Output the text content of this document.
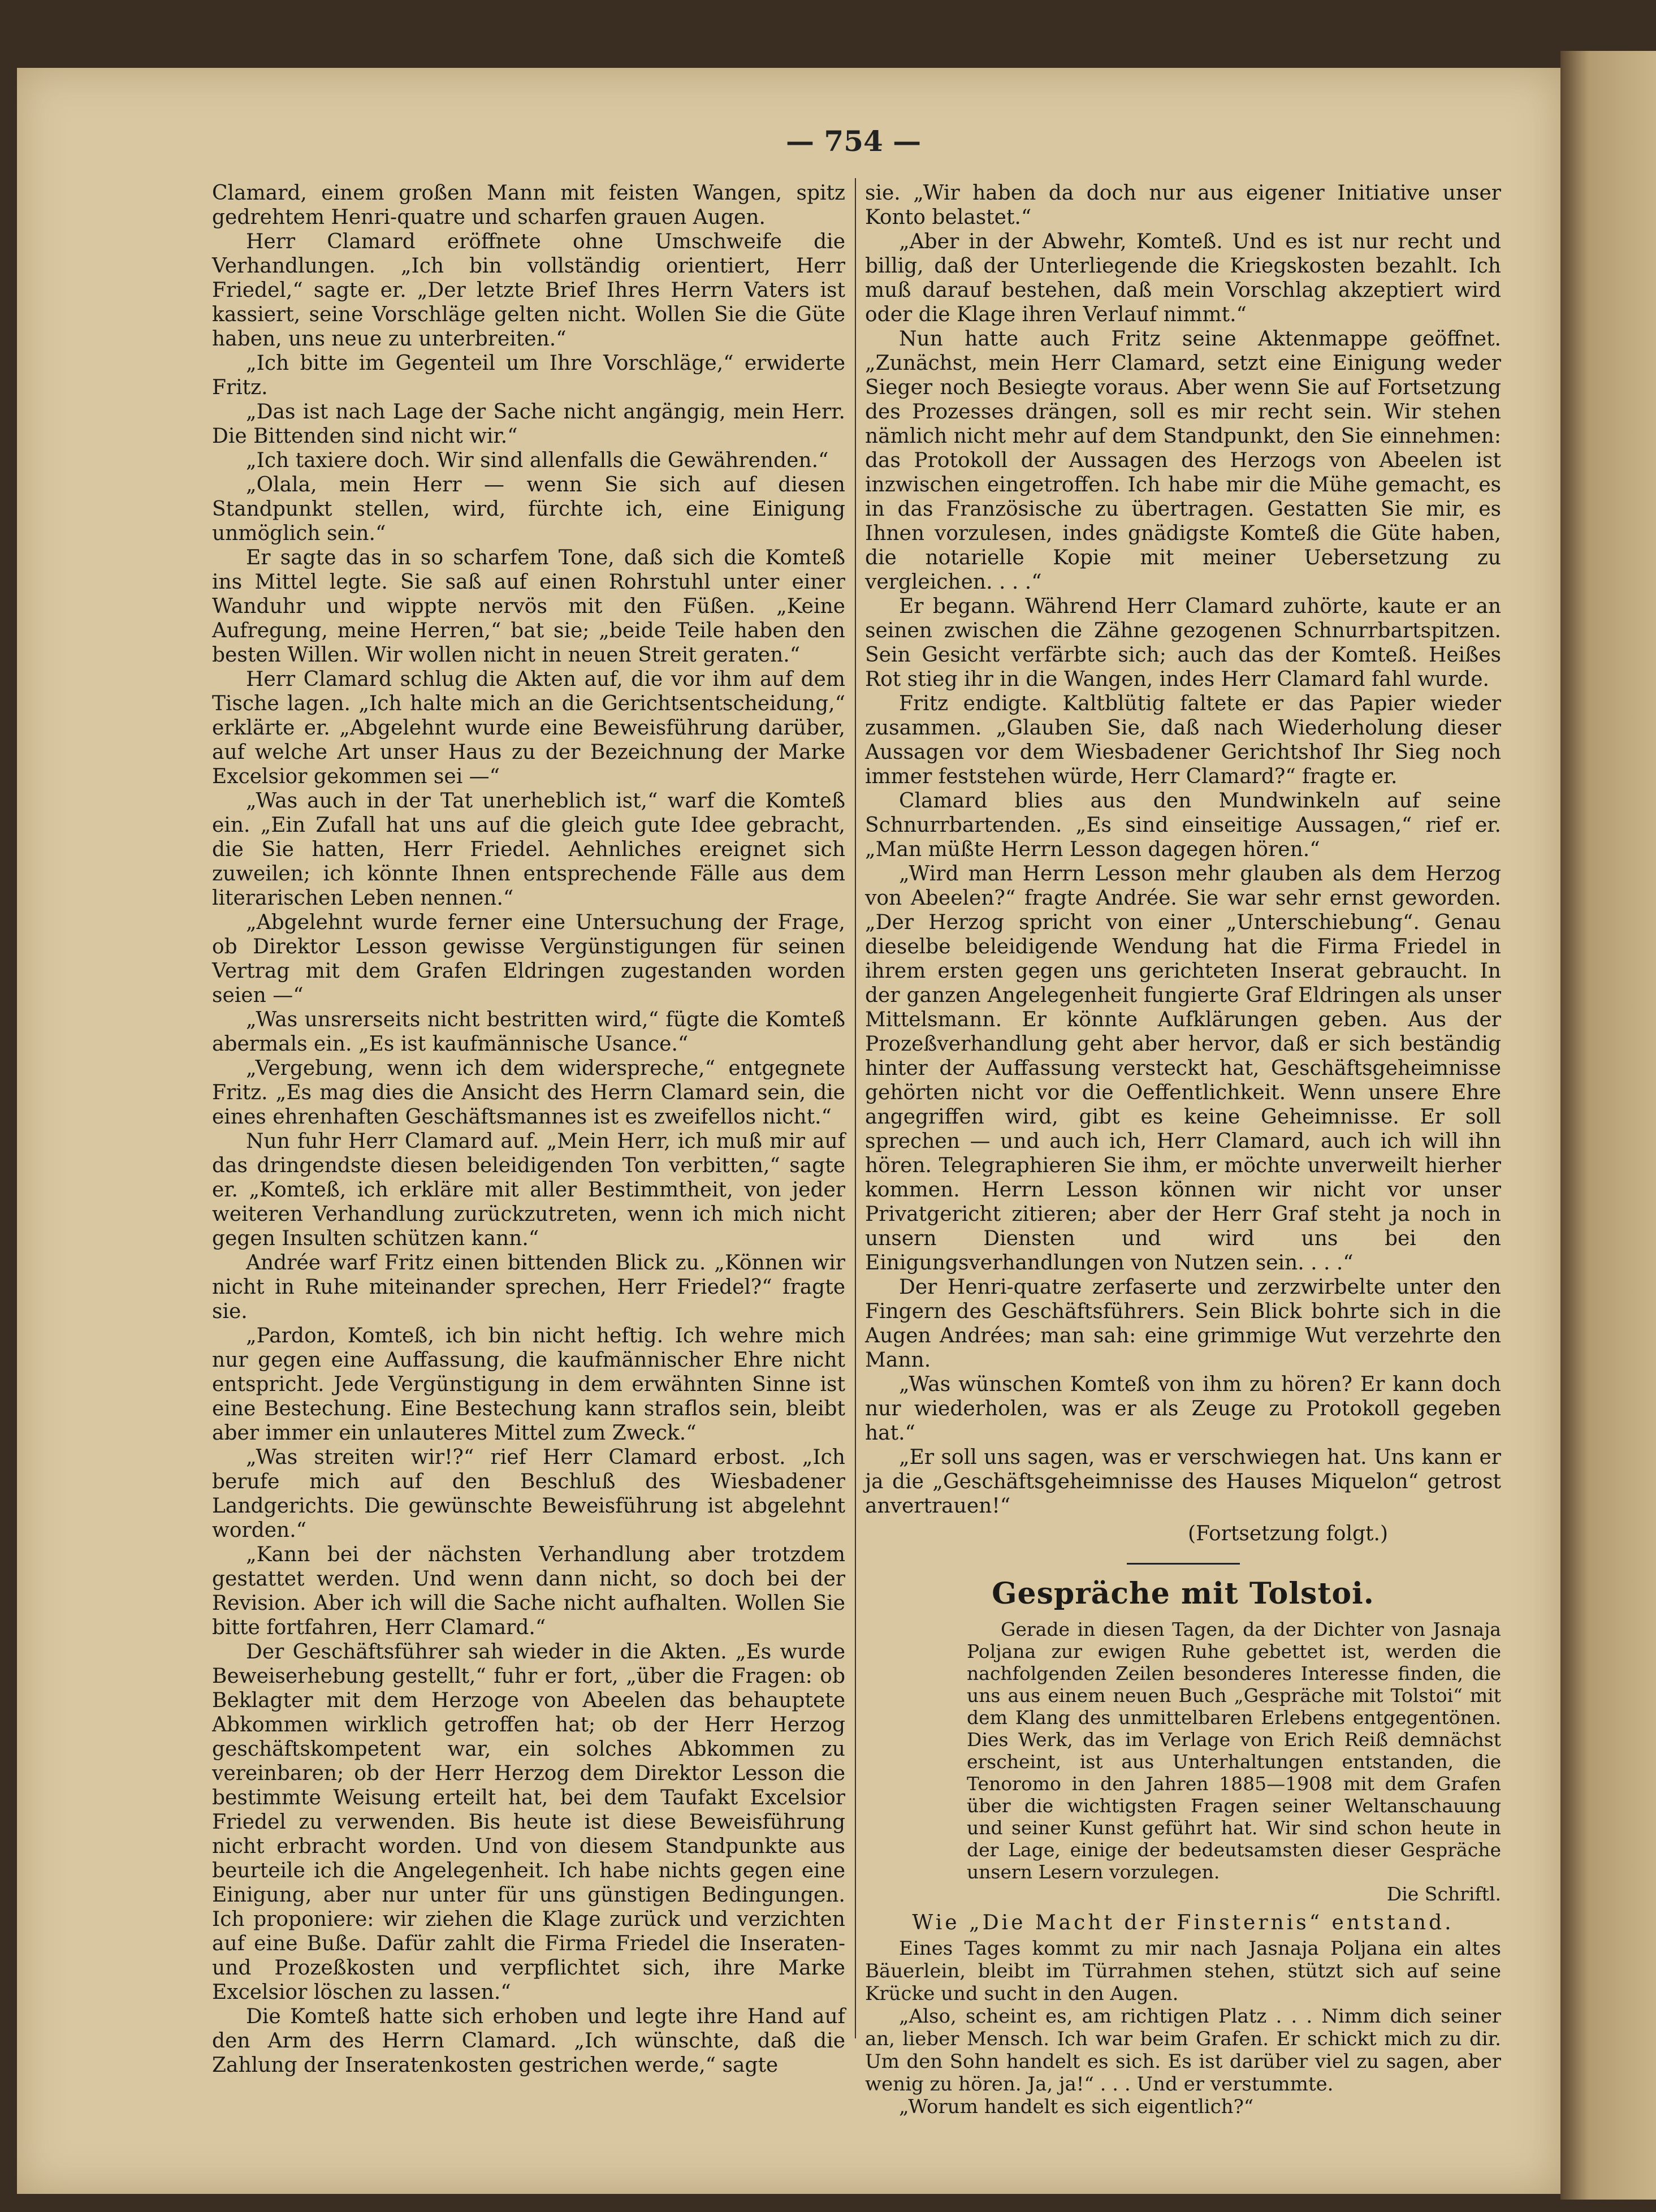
— 754 —

Clamard, einem großen Mann mit feisten Wangen, spitz gedrehtem Henri-quatre und scharfen grauen Augen.

Herr Clamard eröffnete ohne Umschweife die Verhandlungen. „Ich bin vollständig orientiert, Herr Friedel,“ sagte er. „Der letzte Brief Ihres Herrn Vaters ist kassiert, seine Vorschläge gelten nicht. Wollen Sie die Güte haben, uns neue zu unterbreiten.“

„Ich bitte im Gegenteil um Ihre Vorschläge,“ erwiderte Fritz.

„Das ist nach Lage der Sache nicht angängig, mein Herr. Die Bittenden sind nicht wir.“

„Ich taxiere doch. Wir sind allenfalls die Gewährenden.“

„Olala, mein Herr — wenn Sie sich auf diesen Standpunkt stellen, wird, fürchte ich, eine Einigung unmöglich sein.“

Er sagte das in so scharfem Tone, daß sich die Komteß ins Mittel legte. Sie saß auf einen Rohrstuhl unter einer Wanduhr und wippte nervös mit den Füßen. „Keine Aufregung, meine Herren,“ bat sie; „beide Teile haben den besten Willen. Wir wollen nicht in neuen Streit geraten.“

Herr Clamard schlug die Akten auf, die vor ihm auf dem Tische lagen. „Ich halte mich an die Gerichtsentscheidung,“ erklärte er. „Abgelehnt wurde eine Beweisführung darüber, auf welche Art unser Haus zu der Bezeichnung der Marke Excelsior gekommen sei —“

„Was auch in der Tat unerheblich ist,“ warf die Komteß ein. „Ein Zufall hat uns auf die gleich gute Idee gebracht, die Sie hatten, Herr Friedel. Aehnliches ereignet sich zuweilen; ich könnte Ihnen entsprechende Fälle aus dem literarischen Leben nennen.“

„Abgelehnt wurde ferner eine Untersuchung der Frage, ob Direktor Lesson gewisse Vergünstigungen für seinen Vertrag mit dem Grafen Eldringen zugestanden worden seien —“

„Was unsrerseits nicht bestritten wird,“ fügte die Komteß abermals ein. „Es ist kaufmännische Usance.“

„Vergebung, wenn ich dem widerspreche,“ entgegnete Fritz. „Es mag dies die Ansicht des Herrn Clamard sein, die eines ehrenhaften Geschäftsmannes ist es zweifellos nicht.“

Nun fuhr Herr Clamard auf. „Mein Herr, ich muß mir auf das dringendste diesen beleidigenden Ton verbitten,“ sagte er. „Komteß, ich erkläre mit aller Bestimmtheit, von jeder weiteren Verhandlung zurückzutreten, wenn ich mich nicht gegen Insulten schützen kann.“

Andrée warf Fritz einen bittenden Blick zu. „Können wir nicht in Ruhe miteinander sprechen, Herr Friedel?“ fragte sie.

„Pardon, Komteß, ich bin nicht heftig. Ich wehre mich nur gegen eine Auffassung, die kaufmännischer Ehre nicht entspricht. Jede Vergünstigung in dem erwähnten Sinne ist eine Bestechung. Eine Bestechung kann straflos sein, bleibt aber immer ein unlauteres Mittel zum Zweck.“

„Was streiten wir!?“ rief Herr Clamard erbost. „Ich berufe mich auf den Beschluß des Wiesbadener Landgerichts. Die gewünschte Beweisführung ist abgelehnt worden.“

„Kann bei der nächsten Verhandlung aber trotzdem gestattet werden. Und wenn dann nicht, so doch bei der Revision. Aber ich will die Sache nicht aufhalten. Wollen Sie bitte fortfahren, Herr Clamard.“

Der Geschäftsführer sah wieder in die Akten. „Es wurde Beweiserhebung gestellt,“ fuhr er fort, „über die Fragen: ob Beklagter mit dem Herzoge von Abeelen das behauptete Abkommen wirklich getroffen hat; ob der Herr Herzog geschäftskompetent war, ein solches Abkommen zu vereinbaren; ob der Herr Herzog dem Direktor Lesson die bestimmte Weisung erteilt hat, bei dem Taufakt Excelsior Friedel zu verwenden. Bis heute ist diese Beweisführung nicht erbracht worden. Und von diesem Standpunkte aus beurteile ich die Angelegenheit. Ich habe nichts gegen eine Einigung, aber nur unter für uns günstigen Bedingungen. Ich proponiere: wir ziehen die Klage zurück und verzichten auf eine Buße. Dafür zahlt die Firma Friedel die Inseraten- und Prozeßkosten und verpflichtet sich, ihre Marke Excelsior löschen zu lassen.“

Die Komteß hatte sich erhoben und legte ihre Hand auf den Arm des Herrn Clamard. „Ich wünschte, daß die Zahlung der Inseratenkosten gestrichen werde,“ sagte

sie. „Wir haben da doch nur aus eigener Initiative unser Konto belastet.“

„Aber in der Abwehr, Komteß. Und es ist nur recht und billig, daß der Unterliegende die Kriegskosten bezahlt. Ich muß darauf bestehen, daß mein Vorschlag akzeptiert wird oder die Klage ihren Verlauf nimmt.“

Nun hatte auch Fritz seine Aktenmappe geöffnet. „Zunächst, mein Herr Clamard, setzt eine Einigung weder Sieger noch Besiegte voraus. Aber wenn Sie auf Fortsetzung des Prozesses drängen, soll es mir recht sein. Wir stehen nämlich nicht mehr auf dem Standpunkt, den Sie einnehmen: das Protokoll der Aussagen des Herzogs von Abeelen ist inzwischen eingetroffen. Ich habe mir die Mühe gemacht, es in das Französische zu übertragen. Gestatten Sie mir, es Ihnen vorzulesen, indes gnädigste Komteß die Güte haben, die notarielle Kopie mit meiner Uebersetzung zu vergleichen. . . .“

Er begann. Während Herr Clamard zuhörte, kaute er an seinen zwischen die Zähne gezogenen Schnurrbartspitzen. Sein Gesicht verfärbte sich; auch das der Komteß. Heißes Rot stieg ihr in die Wangen, indes Herr Clamard fahl wurde.

Fritz endigte. Kaltblütig faltete er das Papier wieder zusammen. „Glauben Sie, daß nach Wiederholung dieser Aussagen vor dem Wiesbadener Gerichtshof Ihr Sieg noch immer feststehen würde, Herr Clamard?“ fragte er.

Clamard blies aus den Mundwinkeln auf seine Schnurrbartenden. „Es sind einseitige Aussagen,“ rief er. „Man müßte Herrn Lesson dagegen hören.“

„Wird man Herrn Lesson mehr glauben als dem Herzog von Abeelen?“ fragte Andrée. Sie war sehr ernst geworden. „Der Herzog spricht von einer „Unterschiebung“. Genau dieselbe beleidigende Wendung hat die Firma Friedel in ihrem ersten gegen uns gerichteten Inserat gebraucht. In der ganzen Angelegenheit fungierte Graf Eldringen als unser Mittelsmann. Er könnte Aufklärungen geben. Aus der Prozeßverhandlung geht aber hervor, daß er sich beständig hinter der Auffassung versteckt hat, Geschäftsgeheimnisse gehörten nicht vor die Oeffentlichkeit. Wenn unsere Ehre angegriffen wird, gibt es keine Geheimnisse. Er soll sprechen — und auch ich, Herr Clamard, auch ich will ihn hören. Telegraphieren Sie ihm, er möchte unverweilt hierher kommen. Herrn Lesson können wir nicht vor unser Privatgericht zitieren; aber der Herr Graf steht ja noch in unsern Diensten und wird uns bei den Einigungsverhandlungen von Nutzen sein. . . .“

Der Henri-quatre zerfaserte und zerzwirbelte unter den Fingern des Geschäftsführers. Sein Blick bohrte sich in die Augen Andrées; man sah: eine grimmige Wut verzehrte den Mann.

„Was wünschen Komteß von ihm zu hören? Er kann doch nur wiederholen, was er als Zeuge zu Protokoll gegeben hat.“

„Er soll uns sagen, was er verschwiegen hat. Uns kann er ja die „Geschäftsgeheimnisse des Hauses Miquelon“ getrost anvertrauen!“

(Fortsetzung folgt.)

Gespräche mit Tolstoi.

Gerade in diesen Tagen, da der Dichter von Jasnaja Poljana zur ewigen Ruhe gebettet ist, werden die nachfolgenden Zeilen besonderes Interesse finden, die uns aus einem neuen Buch „Gespräche mit Tolstoi“ mit dem Klang des unmittelbaren Erlebens entgegentönen. Dies Werk, das im Verlage von Erich Reiß demnächst erscheint, ist aus Unterhaltungen entstanden, die Tenoromo in den Jahren 1885—1908 mit dem Grafen über die wichtigsten Fragen seiner Weltanschauung und seiner Kunst geführt hat. Wir sind schon heute in der Lage, einige der bedeutsamsten dieser Gespräche unsern Lesern vorzulegen.

Die Schriftl.

Wie „Die Macht der Finsternis“ entstand.

Eines Tages kommt zu mir nach Jasnaja Poljana ein altes Bäuerlein, bleibt im Türrahmen stehen, stützt sich auf seine Krücke und sucht in den Augen.

„Also, scheint es, am richtigen Platz . . . Nimm dich seiner an, lieber Mensch. Ich war beim Grafen. Er schickt mich zu dir. Um den Sohn handelt es sich. Es ist darüber viel zu sagen, aber wenig zu hören. Ja, ja!“ . . . Und er verstummte.

„Worum handelt es sich eigentlich?“
